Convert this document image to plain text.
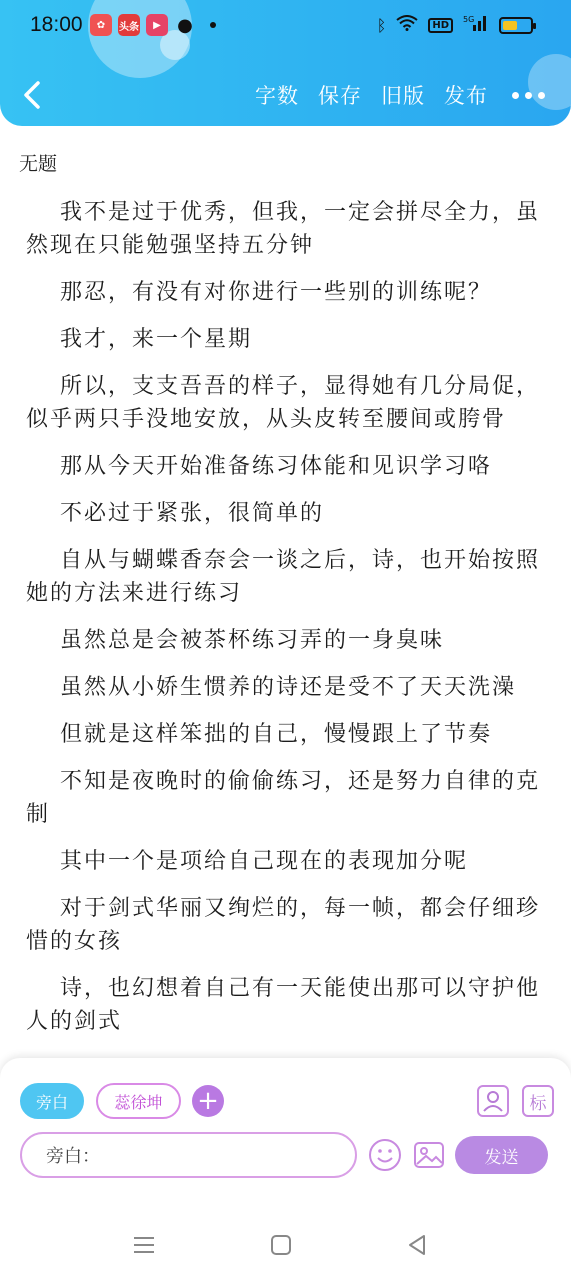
18:00	✿	头条	▶ ●	ᛒ	HD	5G
字数 保存 旧版 发布
无题

我不是过于优秀，但我，一定会拼尽全力，虽然现在只能勉强坚持五分钟

那忍，有没有对你进行一些别的训练呢？

我才，来一个星期

所以，支支吾吾的样子，显得她有几分局促，似乎两只手没地安放，从头皮转至腰间或胯骨

那从今天开始准备练习体能和见识学习咯

不必过于紧张，很简单的

自从与蝴蝶香奈会一谈之后，诗，也开始按照她的方法来进行练习

虽然总是会被茶杯练习弄的一身臭味

虽然从小娇生惯养的诗还是受不了天天洗澡

但就是这样笨拙的自己，慢慢跟上了节奏

不知是夜晚时的偷偷练习，还是努力自律的克制

其中一个是项给自己现在的表现加分呢

对于剑式华丽又绚烂的，每一帧，都会仔细珍惜的女孩

诗，也幻想着自己有一天能使出那可以守护他人的剑式

旁白	蕊徐坤	+	标
旁白：	发送
